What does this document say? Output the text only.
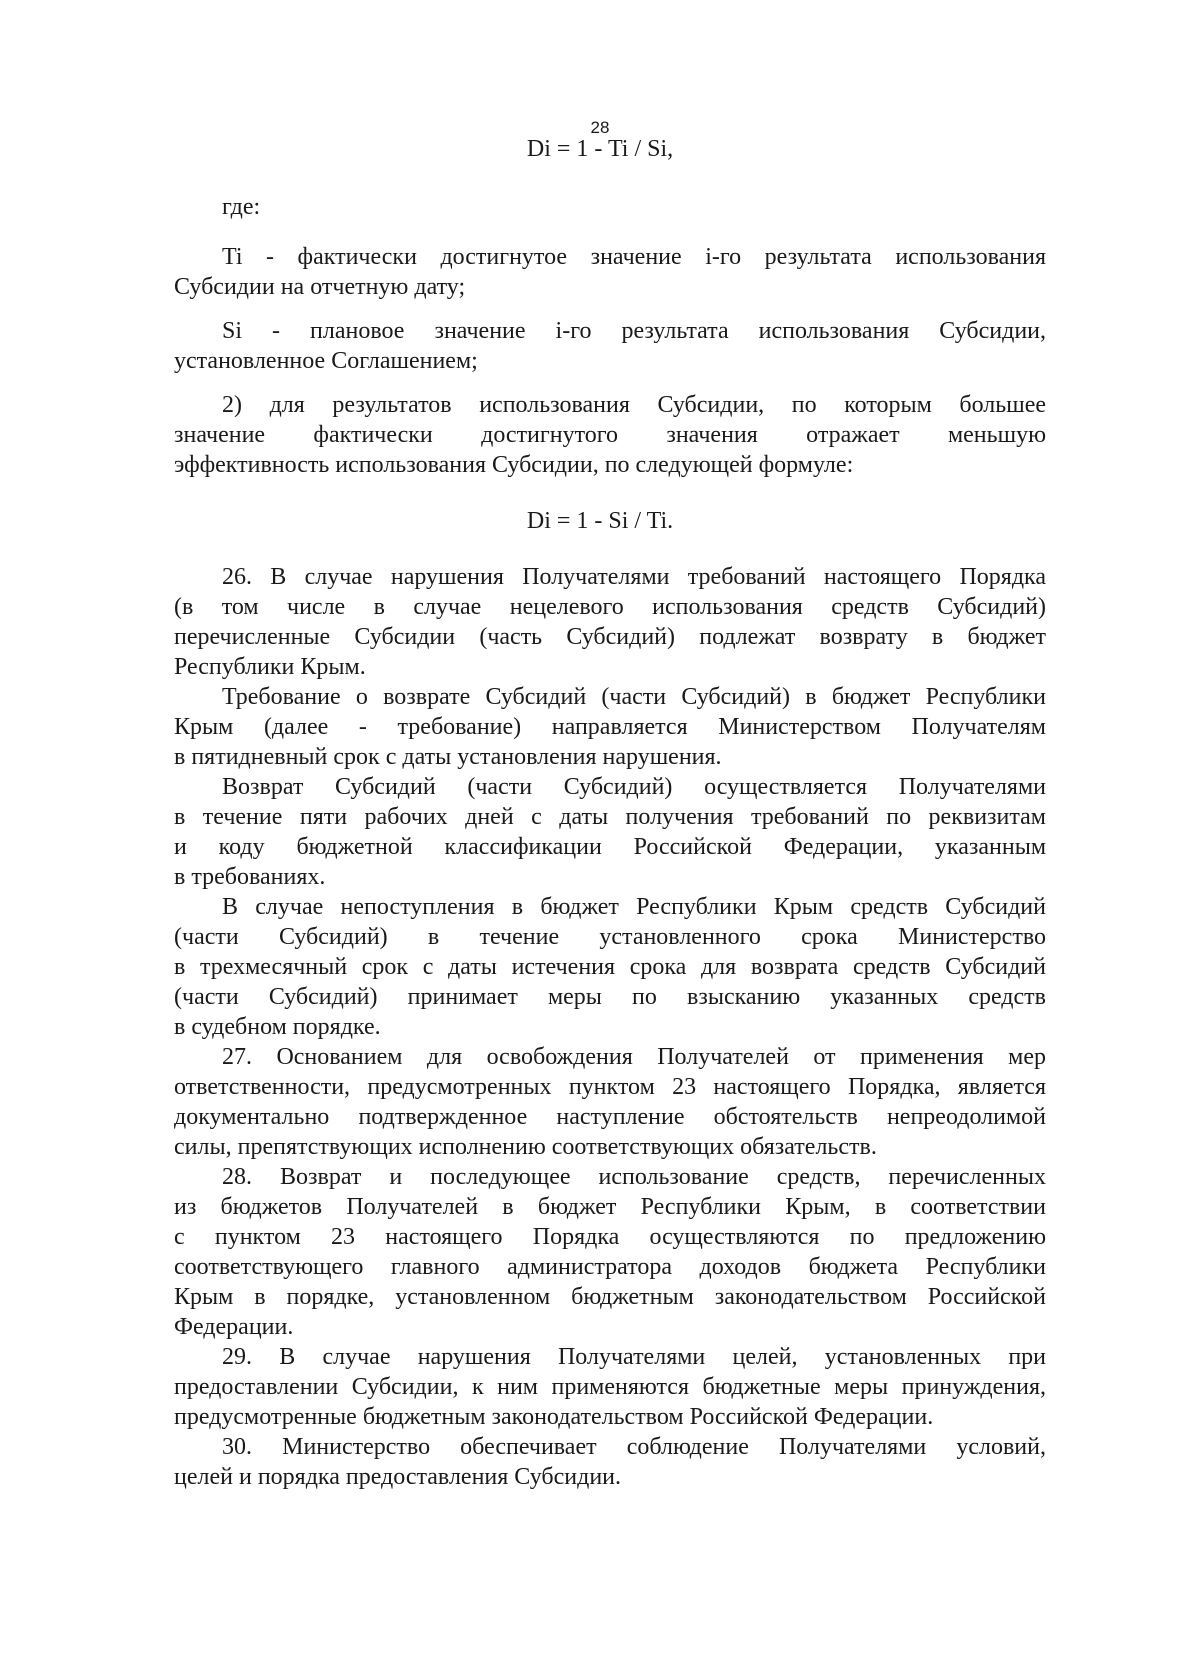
28
Di = 1 - Ti / Si,
где:
Ti - фактически достигнутое значение i-го результата использования
Субсидии на отчетную дату;
Si - плановое значение i-го результата использования Субсидии,
установленное Соглашением;
2) для результатов использования Субсидии, по которым большее
значение фактически достигнутого значения отражает меньшую
эффективность использования Субсидии, по следующей формуле:
Di = 1 - Si / Ti.
26. В случае нарушения Получателями требований настоящего Порядка
(в том числе в случае нецелевого использования средств Субсидий)
перечисленные Субсидии (часть Субсидий) подлежат возврату в бюджет
Республики Крым.
Требование о возврате Субсидий (части Субсидий) в бюджет Республики
Крым (далее - требование) направляется Министерством Получателям
в пятидневный срок с даты установления нарушения.
Возврат Субсидий (части Субсидий) осуществляется Получателями
в течение пяти рабочих дней с даты получения требований по реквизитам
и коду бюджетной классификации Российской Федерации, указанным
в требованиях.
В случае непоступления в бюджет Республики Крым средств Субсидий
(части Субсидий) в течение установленного срока Министерство
в трехмесячный срок с даты истечения срока для возврата средств Субсидий
(части Субсидий) принимает меры по взысканию указанных средств
в судебном порядке.
27. Основанием для освобождения Получателей от применения мер
ответственности, предусмотренных пунктом 23 настоящего Порядка, является
документально подтвержденное наступление обстоятельств непреодолимой
силы, препятствующих исполнению соответствующих обязательств.
28. Возврат и последующее использование средств, перечисленных
из бюджетов Получателей в бюджет Республики Крым, в соответствии
с пунктом 23 настоящего Порядка осуществляются по предложению
соответствующего главного администратора доходов бюджета Республики
Крым в порядке, установленном бюджетным законодательством Российской
Федерации.
29. В случае нарушения Получателями целей, установленных при
предоставлении Субсидии, к ним применяются бюджетные меры принуждения,
предусмотренные бюджетным законодательством Российской Федерации.
30. Министерство обеспечивает соблюдение Получателями условий,
целей и порядка предоставления Субсидии.
